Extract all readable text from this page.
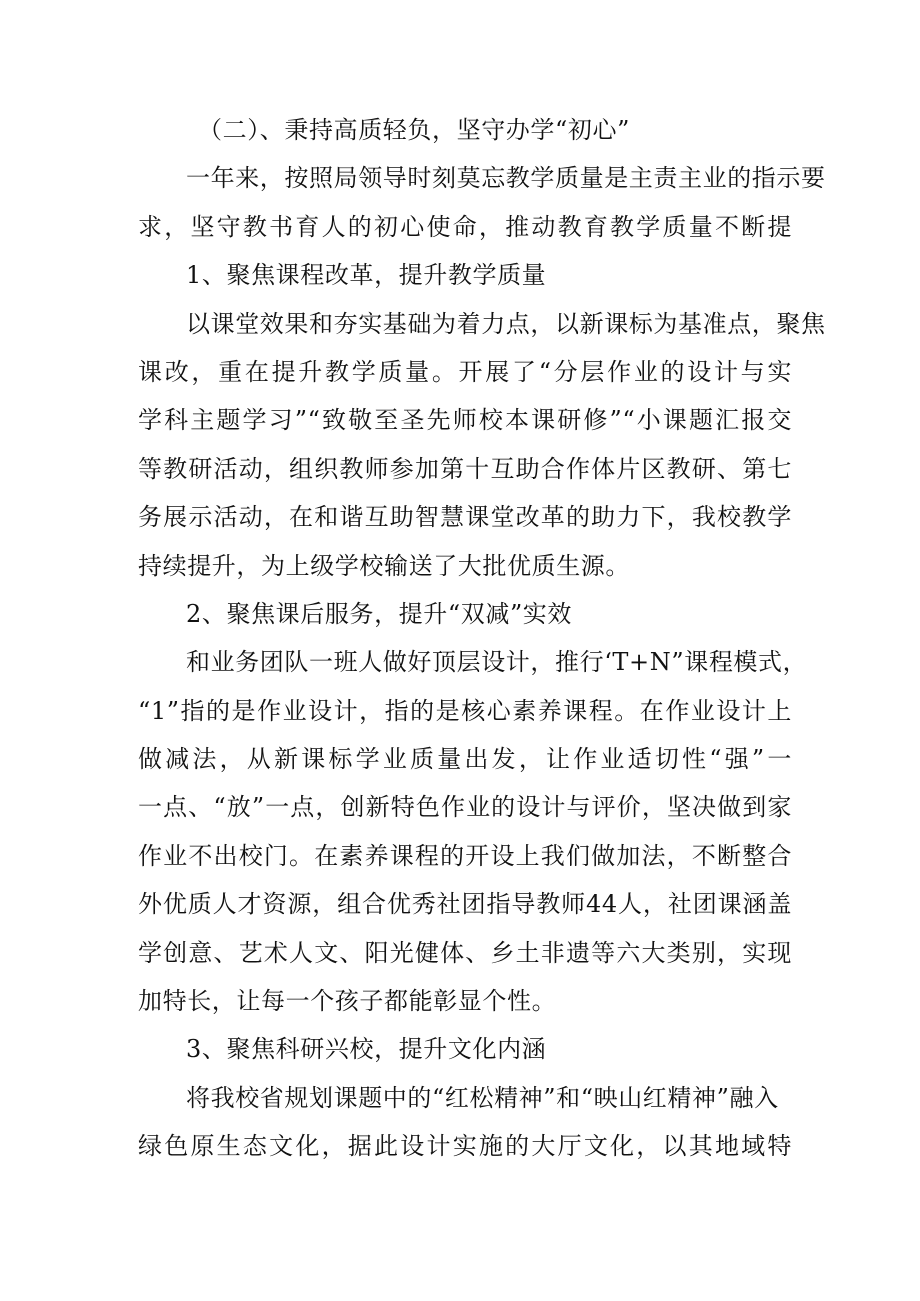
（二）、秉持高质轻负，坚守办学“初心”
一年来，按照局领导时刻莫忘教学质量是主责主业的指示要
求，坚守教书育人的初心使命，推动教育教学质量不断提
1、聚焦课程改革，提升教学质量
以课堂效果和夯实基础为着力点，以新课标为基准点，聚焦
课改，重在提升教学质量。开展了“分层作业的设计与实
学科主题学习”“致敬至圣先师校本课研修”“小课题汇报交
等教研活动，组织教师参加第十互助合作体片区教研、第七
务展示活动，在和谐互助智慧课堂改革的助力下，我校教学
持续提升，为上级学校输送了大批优质生源。
2、聚焦课后服务，提升“双减”实效
和业务团队一班人做好顶层设计，推行‘T+N”课程模式，
“1”指的是作业设计，指的是核心素养课程。在作业设计上
做减法，从新课标学业质量出发，让作业适切性“强”一
一点、“放”一点，创新特色作业的设计与评价，坚决做到家
作业不出校门。在素养课程的开设上我们做加法，不断整合
外优质人才资源，组合优秀社团指导教师44人，社团课涵盖
学创意、艺术人文、阳光健体、乡土非遗等六大类别，实现
加特长，让每一个孩子都能彰显个性。
3、聚焦科研兴校，提升文化内涵
将我校省规划课题中的“红松精神”和“映山红精神”融入
绿色原生态文化，据此设计实施的大厅文化，以其地域特
